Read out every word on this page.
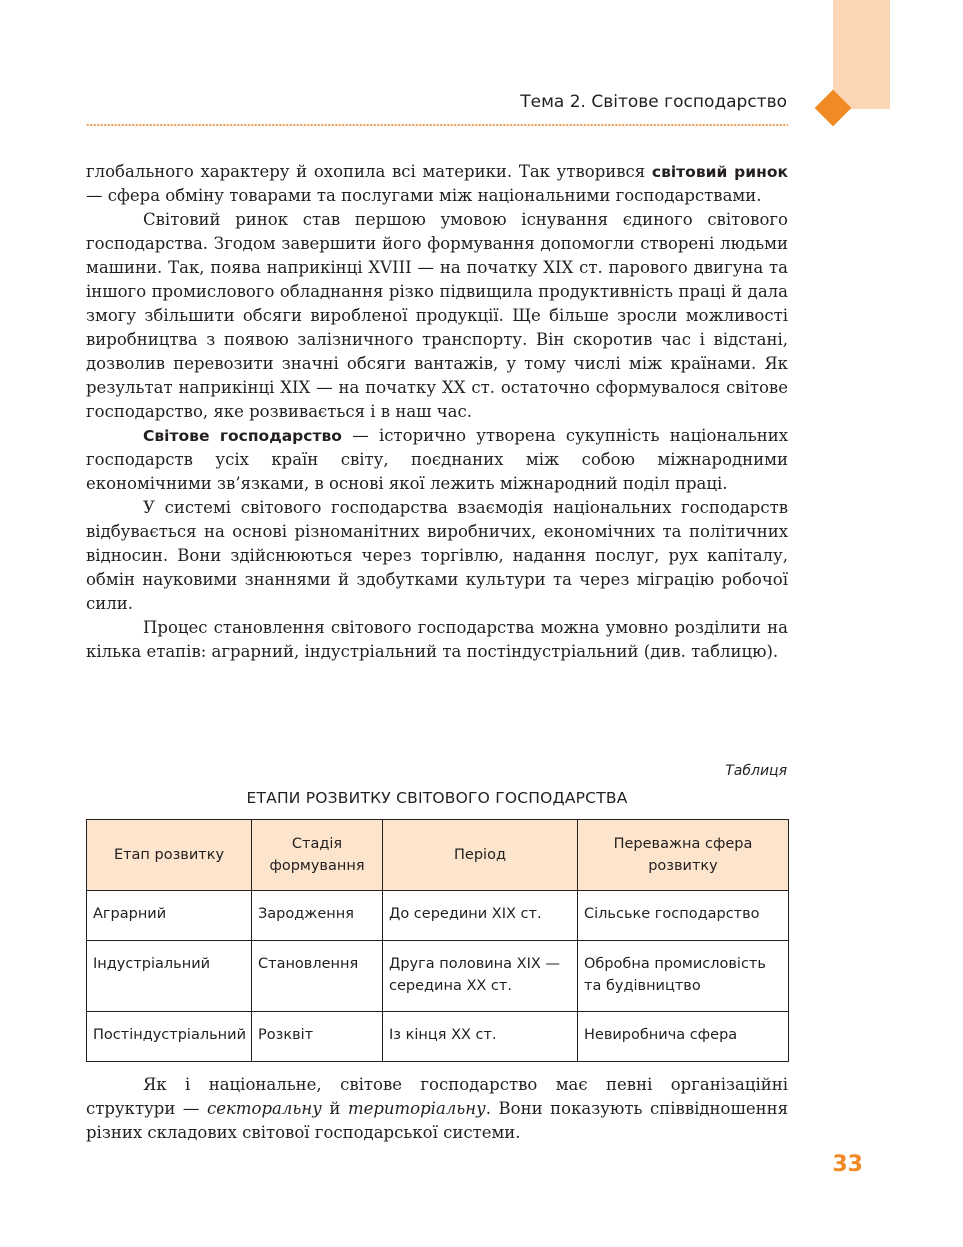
Тема 2. Світове господарство

глобального характеру й охопила всі материки. Так утворився світовий ринок — сфера обміну товарами та послугами між національними господарствами.

Світовий ринок став першою умовою існування єдиного світового господарства. Згодом завершити його формування допомогли створені людьми машини. Так, поява наприкінці XVIII — на початку XIX ст. парового двигуна та іншого промислового обладнання різко підвищила продуктивність праці й дала змогу збільшити обсяги виробленої продукції. Ще більше зросли можливості виробництва з появою залізничного транспорту. Він скоротив час і відстані, дозволив перевозити значні обсяги вантажів, у тому числі між країнами. Як результат наприкінці XIX — на початку XX ст. остаточно сформувалося світове господарство, яке розвивається і в наш час.

Світове господарство — історично утворена сукупність національних господарств усіх країн світу, поєднаних між собою міжнародними економічними зв’язками, в основі якої лежить міжнародний поділ праці.

У системі світового господарства взаємодія національних господарств відбувається на основі різноманітних виробничих, економічних та політичних відносин. Вони здійснюються через торгівлю, надання послуг, рух капіталу, обмін науковими знаннями й здобутками культури та через міграцію робочої сили.

Процес становлення світового господарства можна умовно розділити на кілька етапів: аграрний, індустріальний та постіндустріальний (див. таблицю).

Таблиця
ЕТАПИ РОЗВИТКУ СВІТОВОГО ГОСПОДАРСТВА
Етап розвитку	Стадія формування	Період	Переважна сфера розвитку
Аграрний	Зародження	До середини XIX ст.	Сільське господарство
Індустріальний	Становлення	Друга половина XIX — середина XX ст.	Обробна промисловість та будівництво
Постіндустріальний	Розквіт	Із кінця XX ст.	Невиробнича сфера

Як і національне, світове господарство має певні організаційні структури — секторальну й територіальну. Вони показують співвідношення різних складових світової господарської системи.

33
